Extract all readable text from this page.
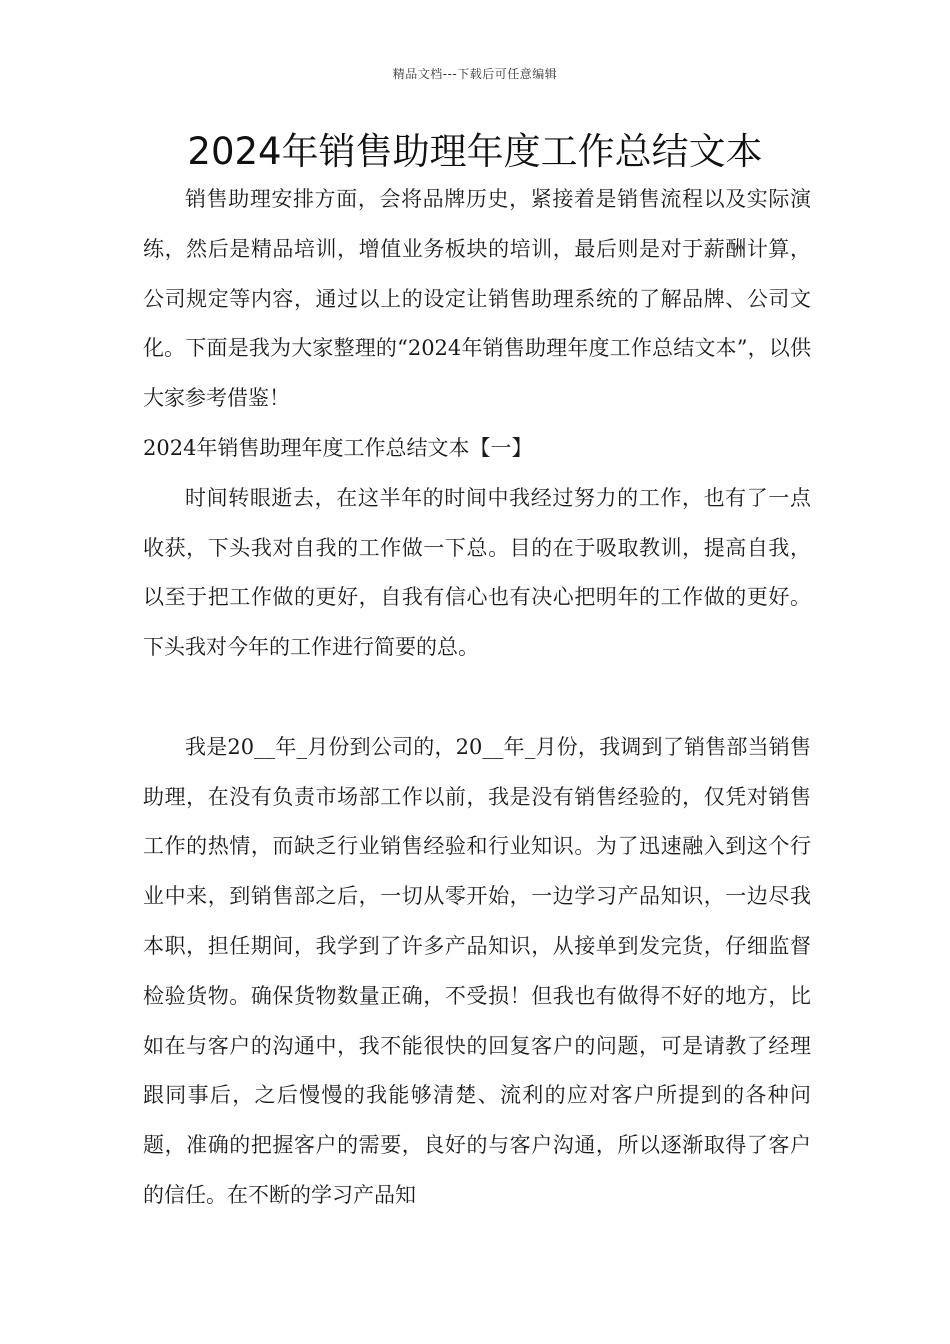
精品文档---下载后可任意编辑
2024年销售助理年度工作总结文本

销售助理安排方面，会将品牌历史，紧接着是销售流程以及实际演练，然后是精品培训，增值业务板块的培训，最后则是对于薪酬计算，公司规定等内容，通过以上的设定让销售助理系统的了解品牌、公司文化。下面是我为大家整理的“2024年销售助理年度工作总结文本”，以供大家参考借鉴！

2024年销售助理年度工作总结文本【一】

时间转眼逝去，在这半年的时间中我经过努力的工作，也有了一点收获，下头我对自我的工作做一下总。目的在于吸取教训，提高自我，以至于把工作做的更好，自我有信心也有决心把明年的工作做的更好。下头我对今年的工作进行简要的总。

我是20__年_月份到公司的，20__年_月份，我调到了销售部当销售助理，在没有负责市场部工作以前，我是没有销售经验的，仅凭对销售工作的热情，而缺乏行业销售经验和行业知识。为了迅速融入到这个行业中来，到销售部之后，一切从零开始，一边学习产品知识，一边尽我本职，担任期间，我学到了许多产品知识，从接单到发完货，仔细监督检验货物。确保货物数量正确，不受损！但我也有做得不好的地方，比如在与客户的沟通中，我不能很快的回复客户的问题，可是请教了经理跟同事后，之后慢慢的我能够清楚、流利的应对客户所提到的各种问题，准确的把握客户的需要，良好的与客户沟通，所以逐渐取得了客户的信任。在不断的学习产品知
